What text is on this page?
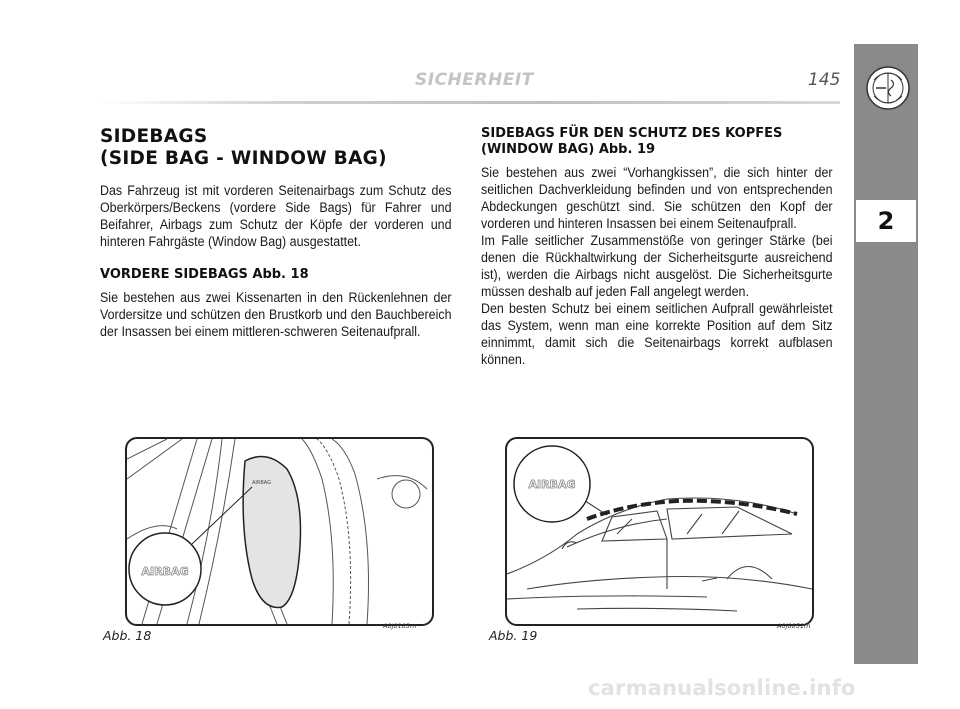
2
SICHERHEIT	145
SIDEBAGS
(SIDE BAG - WINDOW BAG)

Das Fahrzeug ist mit vorderen Seitenairbags zum Schutz des Oberkörpers/Beckens (vordere Side Bags) für Fahrer und Beifahrer, Airbags zum Schutz der Köpfe der vorderen und hinteren Fahrgäste (Window Bag) ausgestattet.

VORDERE SIDEBAGS Abb. 18

Sie bestehen aus zwei Kissenarten in den Rückenlehnen der Vordersitze und schützen den Brustkorb und den Bauchbereich der Insassen bei einem mittleren-schweren Seitenaufprall.

SIDEBAGS FÜR DEN SCHUTZ DES KOPFES
(WINDOW BAG) Abb. 19

Sie bestehen aus zwei “Vorhangkissen”, die sich hinter der seitlichen Dachverkleidung befinden und von entsprechenden Abdeckungen geschützt sind. Sie schützen den Kopf der vorderen und hinteren Insassen bei einem Seitenaufprall.

Im Falle seitlicher Zusammenstöße von geringer Stärke (bei denen die Rückhaltwirkung der Sicherheitsgurte ausreichend ist), werden die Airbags nicht ausgelöst. Die Sicherheitsgurte müssen deshalb auf jeden Fall angelegt werden.

Den besten Schutz bei einem seitlichen Aufprall gewährleistet das System, wenn man eine korrekte Position auf dem Sitz einnimmt, damit sich die Seitenairbags korrekt aufblasen können.

AIRBAG
AIRBAG
Abb. 18
A0J0103m
AIRBAG
Abb. 19
A0J0051m
carmanualsonline.info
